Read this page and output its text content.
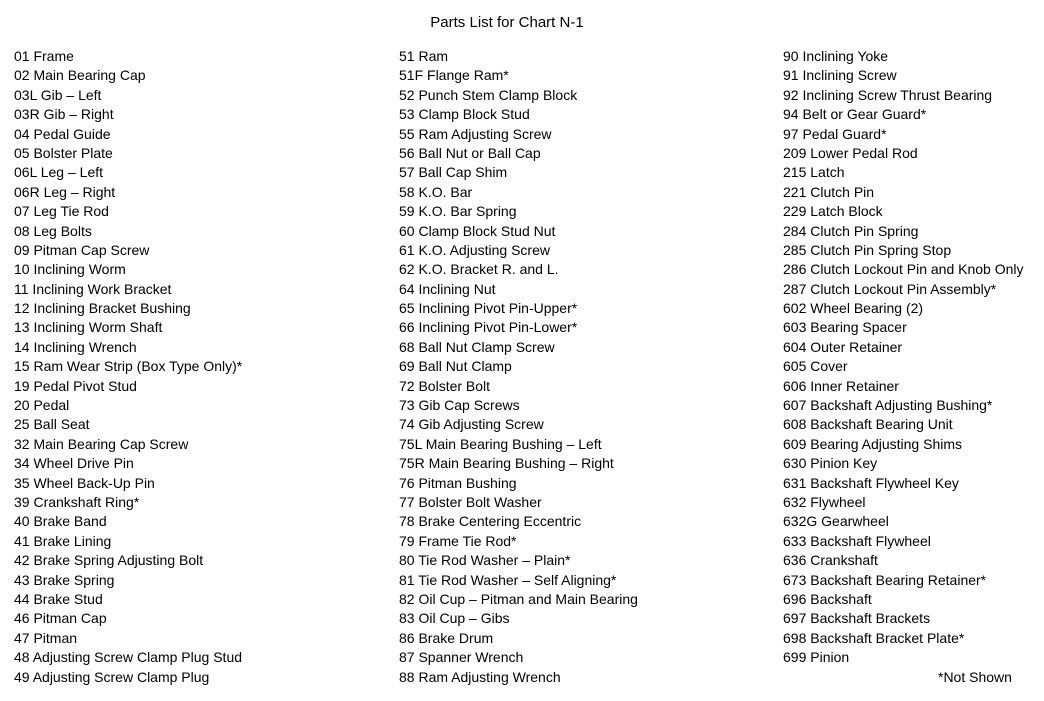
Parts List for Chart N-1
01 Frame
02 Main Bearing Cap
03L Gib – Left
03R Gib – Right
04 Pedal Guide
05 Bolster Plate
06L Leg – Left
06R Leg – Right
07 Leg Tie Rod
08 Leg Bolts
09 Pitman Cap Screw
10 Inclining Worm
11 Inclining Work Bracket
12 Inclining Bracket Bushing
13 Inclining Worm Shaft
14 Inclining Wrench
15 Ram Wear Strip (Box Type Only)*
19 Pedal Pivot Stud
20 Pedal
25 Ball Seat
32 Main Bearing Cap Screw
34 Wheel Drive Pin
35 Wheel Back-Up Pin
39 Crankshaft Ring*
40 Brake Band
41 Brake Lining
42 Brake Spring Adjusting Bolt
43 Brake Spring
44 Brake Stud
46 Pitman Cap
47 Pitman
48 Adjusting Screw Clamp Plug Stud
49 Adjusting Screw Clamp Plug
51 Ram
51F Flange Ram*
52 Punch Stem Clamp Block
53 Clamp Block Stud
55 Ram Adjusting Screw
56 Ball Nut or Ball Cap
57 Ball Cap Shim
58 K.O. Bar
59 K.O. Bar Spring
60 Clamp Block Stud Nut
61 K.O. Adjusting Screw
62 K.O. Bracket R. and L.
64 Inclining Nut
65 Inclining Pivot Pin-Upper*
66 Inclining Pivot Pin-Lower*
68 Ball Nut Clamp Screw
69 Ball Nut Clamp
72 Bolster Bolt
73 Gib Cap Screws
74 Gib Adjusting Screw
75L Main Bearing Bushing – Left
75R Main Bearing Bushing – Right
76 Pitman Bushing
77 Bolster Bolt Washer
78 Brake Centering Eccentric
79 Frame Tie Rod*
80 Tie Rod Washer – Plain*
81 Tie Rod Washer – Self Aligning*
82 Oil Cup – Pitman and Main Bearing
83 Oil Cup – Gibs
86 Brake Drum
87 Spanner Wrench
88 Ram Adjusting Wrench
90 Inclining Yoke
91 Inclining Screw
92 Inclining Screw Thrust Bearing
94 Belt or Gear Guard*
97 Pedal Guard*
209 Lower Pedal Rod
215 Latch
221 Clutch Pin
229 Latch Block
284 Clutch Pin Spring
285 Clutch Pin Spring Stop
286 Clutch Lockout Pin and Knob Only
287 Clutch Lockout Pin Assembly*
602 Wheel Bearing (2)
603 Bearing Spacer
604 Outer Retainer
605 Cover
606 Inner Retainer
607 Backshaft Adjusting Bushing*
608 Backshaft Bearing Unit
609 Bearing Adjusting Shims
630 Pinion Key
631 Backshaft Flywheel Key
632 Flywheel
632G Gearwheel
633 Backshaft Flywheel
636 Crankshaft
673 Backshaft Bearing Retainer*
696 Backshaft
697 Backshaft Brackets
698 Backshaft Bracket Plate*
699 Pinion
*Not Shown
